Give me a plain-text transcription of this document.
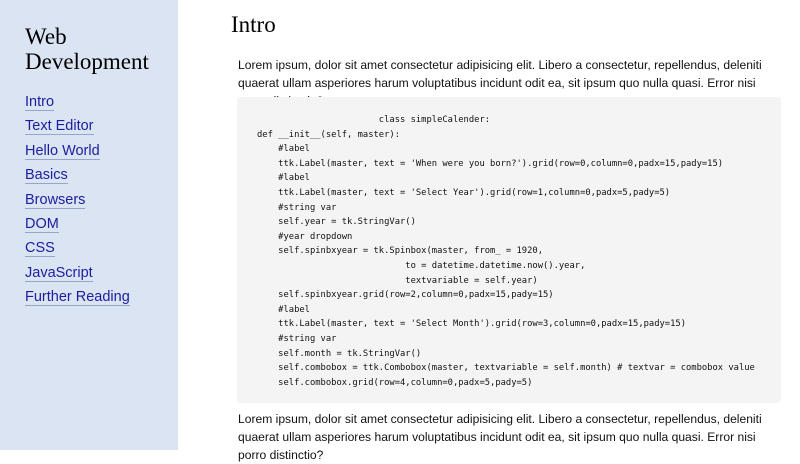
Web Development
Intro
Text Editor
Hello World
Basics
Browsers
DOM
CSS
JavaScript
Further Reading
Intro

Lorem ipsum, dolor sit amet consectetur adipisicing elit. Libero a consectetur, repellendus, deleniti quaerat ullam asperiores harum voluptatibus incidunt odit ea, sit ipsum quo nulla quasi. Error nisi

class simpleCalender:
def __init__(self, master):
#label
ttk.Label(master, text = 'When were you born?').grid(row=0,column=0,padx=15,pady=15)
#label
ttk.Label(master, text = 'Select Year').grid(row=1,column=0,padx=5,pady=5)
#string var
self.year = tk.StringVar()
#year dropdown
self.spinbxyear = tk.Spinbox(master, from_ = 1920,
to = datetime.datetime.now().year,
textvariable = self.year)
self.spinbxyear.grid(row=2,column=0,padx=15,pady=15)
#label
ttk.Label(master, text = 'Select Month').grid(row=3,column=0,padx=15,pady=15)
#string var
self.month = tk.StringVar()
self.combobox = ttk.Combobox(master, textvariable = self.month) # textvar = combobox value
self.combobox.grid(row=4,column=0,padx=5,pady=5)

Lorem ipsum, dolor sit amet consectetur adipisicing elit. Libero a consectetur, repellendus, deleniti quaerat ullam asperiores harum voluptatibus incidunt odit ea, sit ipsum quo nulla quasi. Error nisi porro distinctio?
